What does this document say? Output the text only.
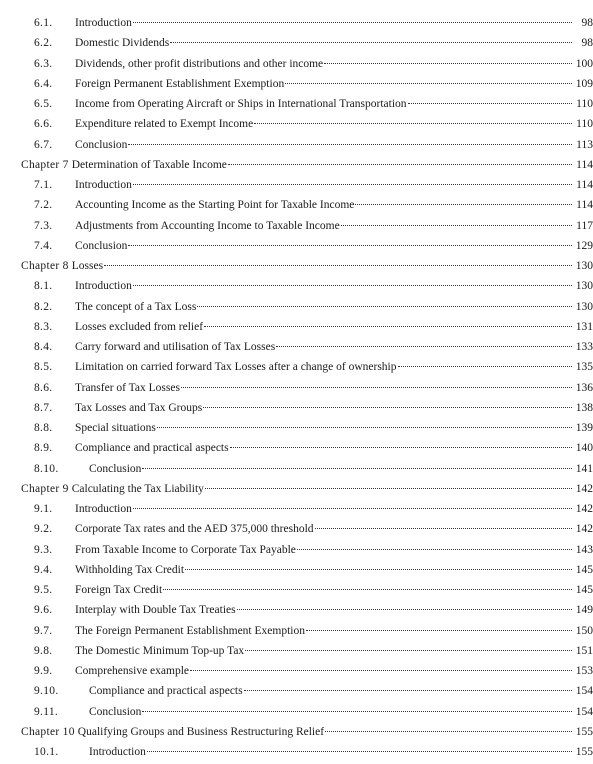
6.1.	Introduction	98
6.2.	Domestic Dividends	98
6.3.	Dividends, other profit distributions and other income	100
6.4.	Foreign Permanent Establishment Exemption	109
6.5.	Income from Operating Aircraft or Ships in International Transportation	110
6.6.	Expenditure related to Exempt Income	110
6.7.	Conclusion	113
Chapter 7 Determination of Taxable Income	114
7.1.	Introduction	114
7.2.	Accounting Income as the Starting Point for Taxable Income	114
7.3.	Adjustments from Accounting Income to Taxable Income	117
7.4.	Conclusion	129
Chapter 8 Losses	130
8.1.	Introduction	130
8.2.	The concept of a Tax Loss	130
8.3.	Losses excluded from relief	131
8.4.	Carry forward and utilisation of Tax Losses	133
8.5.	Limitation on carried forward Tax Losses after a change of ownership	135
8.6.	Transfer of Tax Losses	136
8.7.	Tax Losses and Tax Groups	138
8.8.	Special situations	139
8.9.	Compliance and practical aspects	140
8.10.	Conclusion	141
Chapter 9 Calculating the Tax Liability	142
9.1.	Introduction	142
9.2.	Corporate Tax rates and the AED 375,000 threshold	142
9.3.	From Taxable Income to Corporate Tax Payable	143
9.4.	Withholding Tax Credit	145
9.5.	Foreign Tax Credit	145
9.6.	Interplay with Double Tax Treaties	149
9.7.	The Foreign Permanent Establishment Exemption	150
9.8.	The Domestic Minimum Top-up Tax	151
9.9.	Comprehensive example	153
9.10.	Compliance and practical aspects	154
9.11.	Conclusion	154
Chapter 10 Qualifying Groups and Business Restructuring Relief	155
10.1.	Introduction	155
